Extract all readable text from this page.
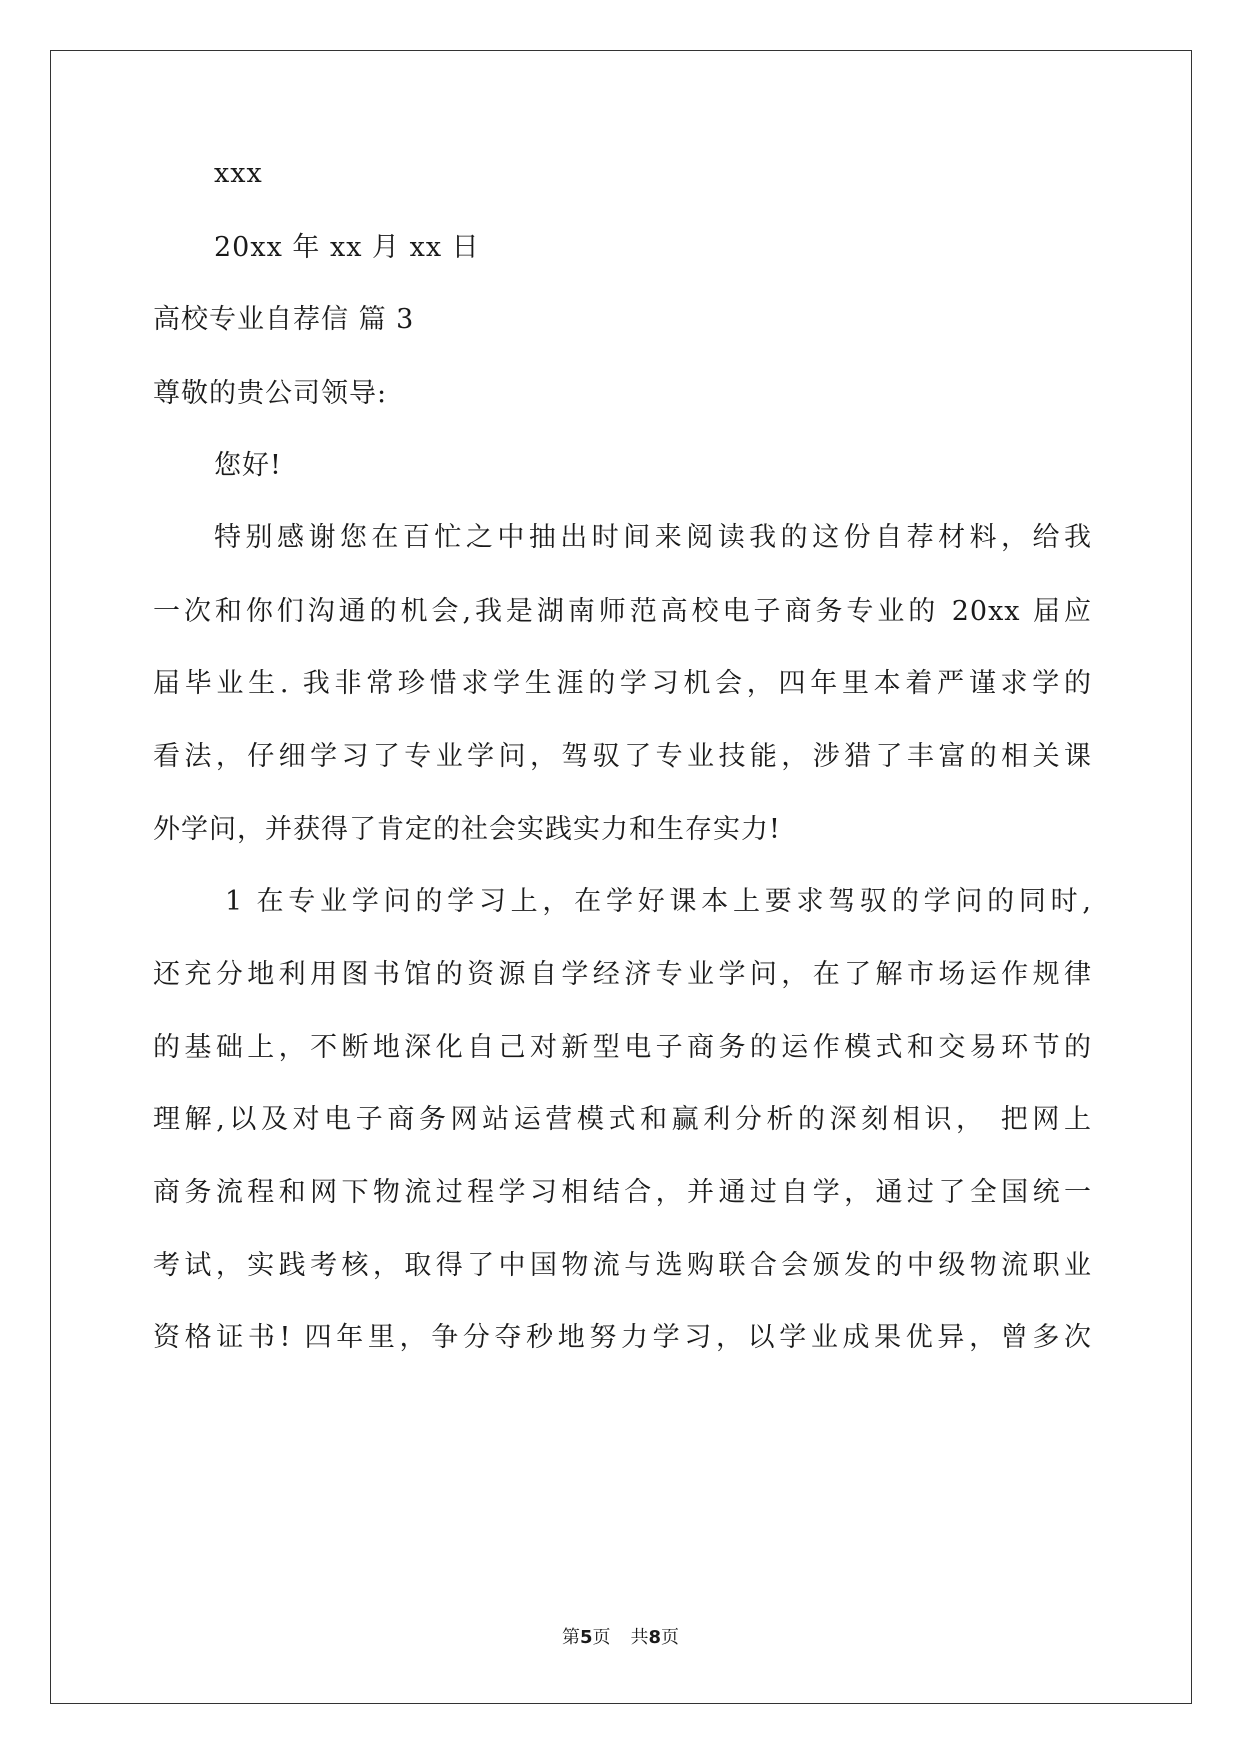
xxx
20xx 年 xx 月 xx 日
高校专业自荐信 篇 3
尊敬的贵公司领导:
您好!
特别感谢您在百忙之中抽出时间来阅读我的这份自荐材料，给我
一次和你们沟通的机会,我是湖南师范高校电子商务专业的 20xx 届应
届毕业生. 我非常珍惜求学生涯的学习机会，四年里本着严谨求学的
看法，仔细学习了专业学问，驾驭了专业技能，涉猎了丰富的相关课
外学问，并获得了肯定的社会实践实力和生存实力!
1 在专业学问的学习上，在学好课本上要求驾驭的学问的同时,
还充分地利用图书馆的资源自学经济专业学问，在了解市场运作规律
的基础上，不断地深化自己对新型电子商务的运作模式和交易环节的
理解,以及对电子商务网站运营模式和赢利分析的深刻相识， 把网上
商务流程和网下物流过程学习相结合，并通过自学，通过了全国统一
考试，实践考核，取得了中国物流与选购联合会颁发的中级物流职业
资格证书! 四年里，争分夺秒地努力学习，以学业成果优异，曾多次
第5页 共8页
